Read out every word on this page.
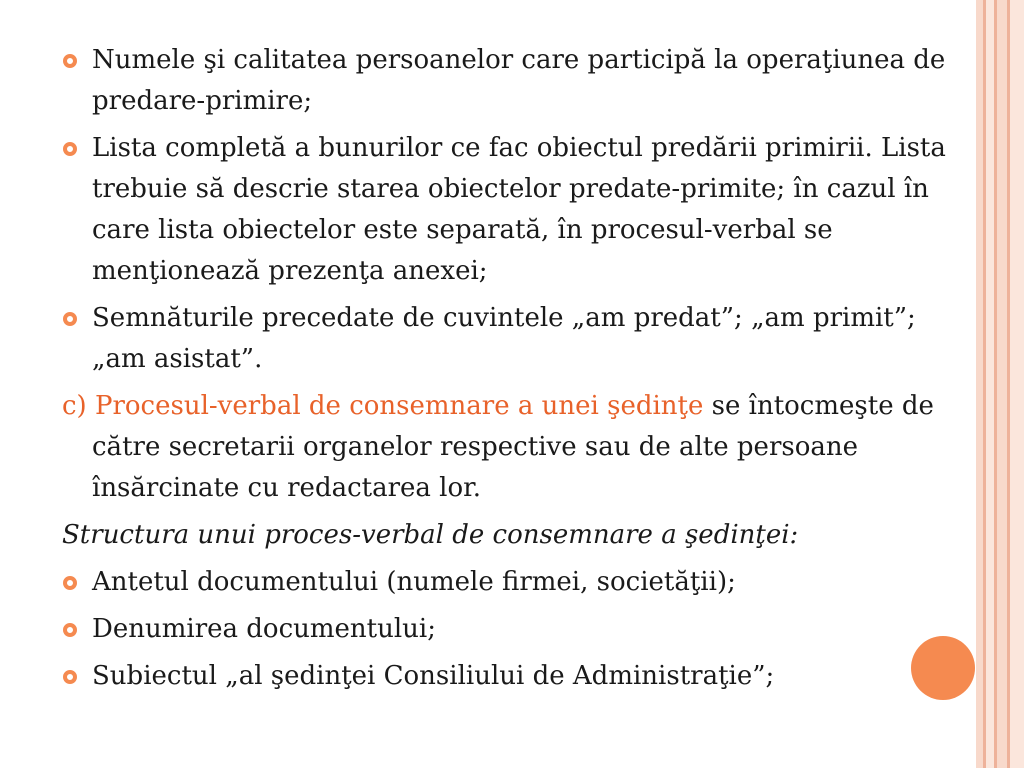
Numele şi calitatea persoanelor care participă la operaţiunea de predare-primire;
Lista completă a bunurilor ce fac obiectul predării primirii. Lista trebuie să descrie starea obiectelor predate-primite; în cazul în care lista obiectelor este separată, în procesul-verbal se menţionează prezenţa anexei;
Semnăturile precedate de cuvintele „am predat”; „am primit”; „am asistat”.
c) Procesul-verbal de consemnare a unei şedinţe se întocmeşte de către secretarii organelor respective sau de alte persoane însărcinate cu redactarea lor.
Structura unui proces-verbal de consemnare a şedinţei:
Antetul documentului (numele firmei, societăţii);
Denumirea documentului;
Subiectul „al şedinţei Consiliului de Administraţie”;
